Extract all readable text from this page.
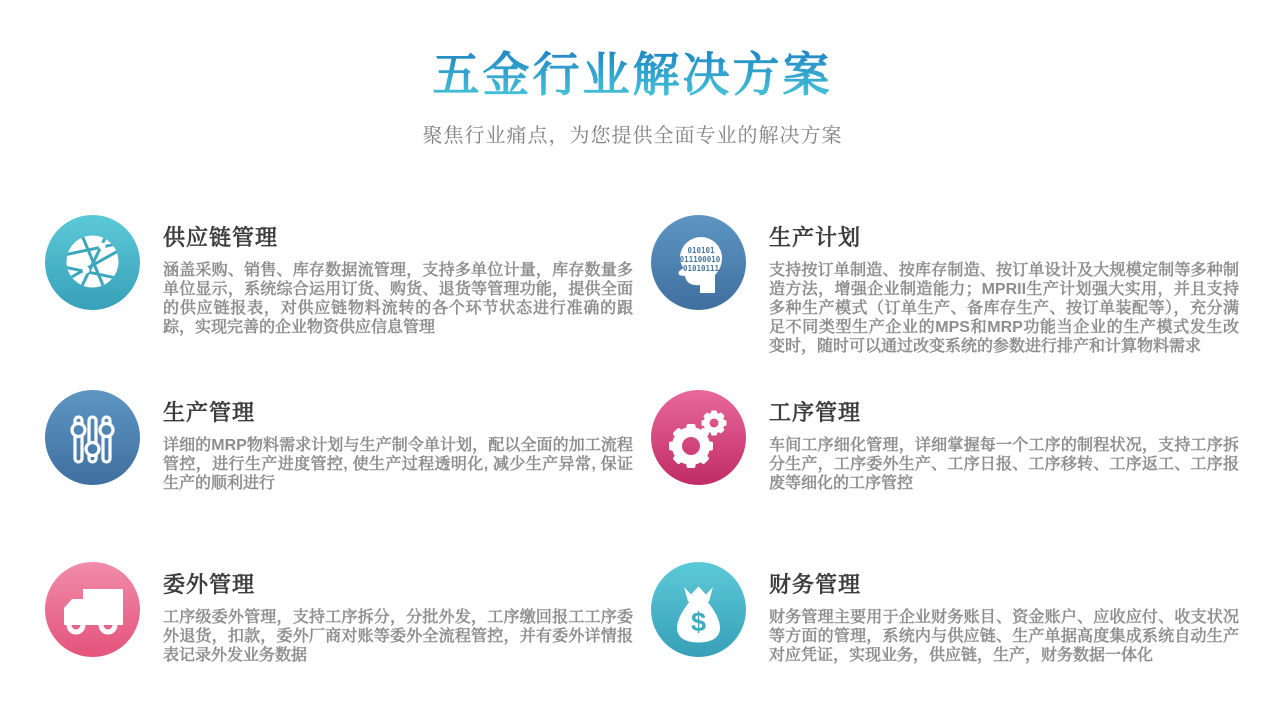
五金行业解决方案

聚焦行业痛点，为您提供全面专业的解决方案

供应链管理

涵盖采购、销售、库存数据流管理，支持多单位计量，库存数量多单位显示，系统综合运用订货、购货、退货等管理功能，提供全面的供应链报表，对供应链物料流转的各个环节状态进行准确的跟踪，实现完善的企业物资供应信息管理

010101
011100010
01010111
生产计划

支持按订单制造、按库存制造、按订单设计及大规模定制等多种制造方法，增强企业制造能力；MPRII生产计划强大实用，并且支持多种生产模式（订单生产、备库存生产、按订单装配等），充分满足不同类型生产企业的MPS和MRP功能当企业的生产模式发生改变时，随时可以通过改变系统的参数进行排产和计算物料需求

生产管理

详细的MRP物料需求计划与生产制令单计划，配以全面的加工流程管控，进行生产进度管控, 使生产过程透明化, 减少生产异常, 保证生产的顺利进行

工序管理

车间工序细化管理，详细掌握每一个工序的制程状况，支持工序拆分生产，工序委外生产、工序日报、工序移转、工序返工、工序报废等细化的工序管控

委外管理

工序级委外管理，支持工序拆分，分批外发，工序缴回报工工序委外退货，扣款，委外厂商对账等委外全流程管控，并有委外详情报表记录外发业务数据

$
财务管理

财务管理主要用于企业财务账目、资金账户、应收应付、收支状况等方面的管理，系统内与供应链、生产单据高度集成系统自动生产对应凭证，实现业务，供应链，生产，财务数据一体化
